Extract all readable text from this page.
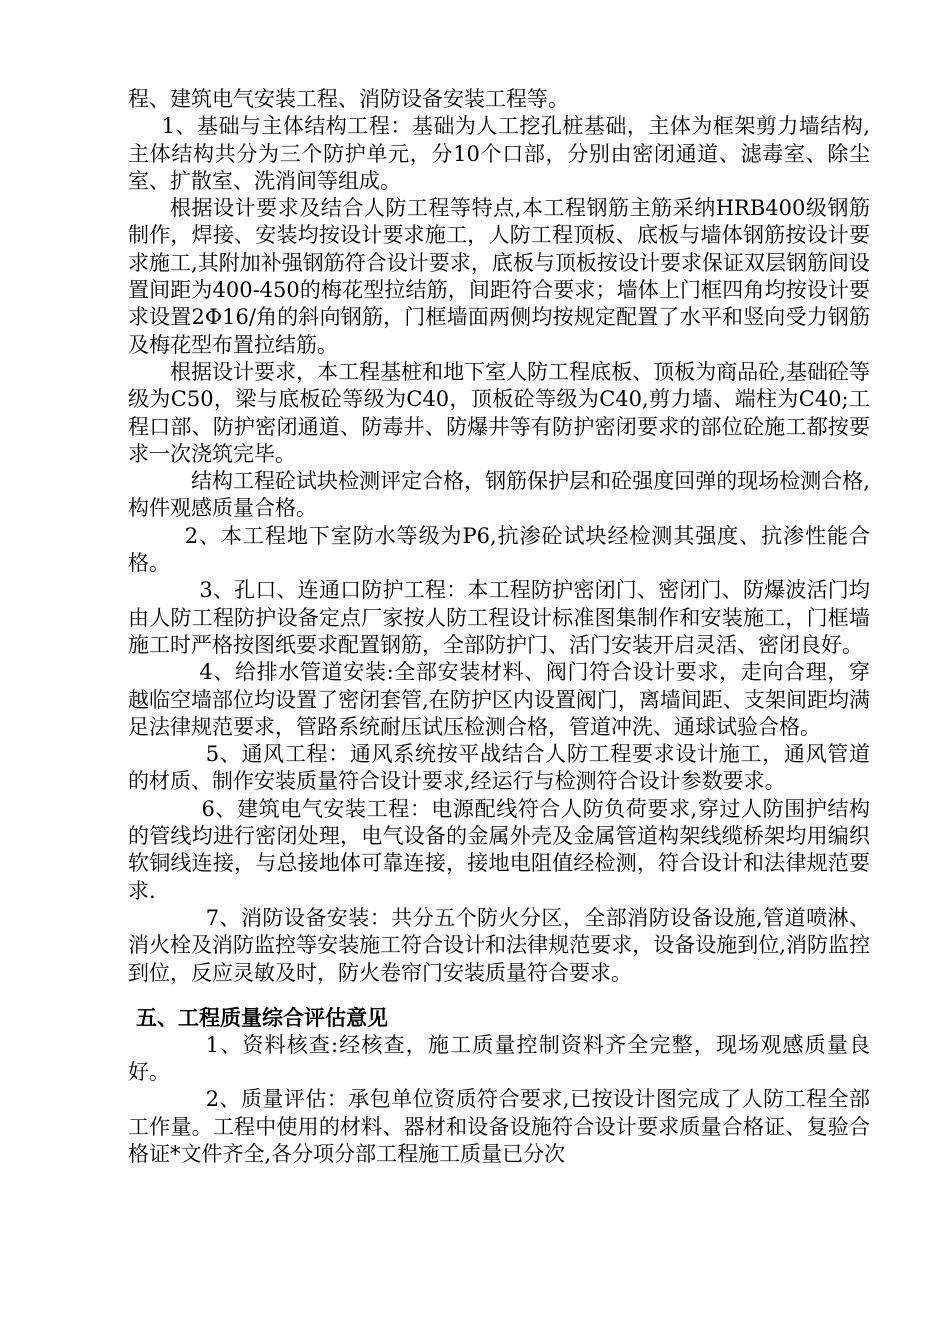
程、建筑电气安装工程、消防设备安装工程等。

1、基础与主体结构工程：基础为人工挖孔桩基础，主体为框架剪力墙结构,主体结构共分为三个防护单元，分10个口部，分别由密闭通道、滤毒室、除尘室、扩散室、洗消间等组成。

根据设计要求及结合人防工程等特点,本工程钢筋主筋采纳HRB400级钢筋制作，焊接、安装均按设计要求施工，人防工程顶板、底板与墙体钢筋按设计要求施工,其附加补强钢筋符合设计要求，底板与顶板按设计要求保证双层钢筋间设置间距为400-450的梅花型拉结筋，间距符合要求；墙体上门框四角均按设计要求设置2Φ16/角的斜向钢筋，门框墙面两侧均按规定配置了水平和竖向受力钢筋及梅花型布置拉结筋。

根据设计要求，本工程基桩和地下室人防工程底板、顶板为商品砼,基础砼等级为C50，梁与底板砼等级为C40，顶板砼等级为C40,剪力墙、端柱为C40;工程口部、防护密闭通道、防毒井、防爆井等有防护密闭要求的部位砼施工都按要求一次浇筑完毕。

结构工程砼试块检测评定合格，钢筋保护层和砼强度回弹的现场检测合格,构件观感质量合格。

2、本工程地下室防水等级为P6,抗渗砼试块经检测其强度、抗渗性能合格。

3、孔口、连通口防护工程：本工程防护密闭门、密闭门、防爆波活门均由人防工程防护设备定点厂家按人防工程设计标准图集制作和安装施工，门框墙施工时严格按图纸要求配置钢筋，全部防护门、活门安装开启灵活、密闭良好。

4、给排水管道安装:全部安装材料、阀门符合设计要求，走向合理，穿越临空墙部位均设置了密闭套管,在防护区内设置阀门，离墙间距、支架间距均满足法律规范要求，管路系统耐压试压检测合格，管道冲洗、通球试验合格。

5、通风工程：通风系统按平战结合人防工程要求设计施工，通风管道的材质、制作安装质量符合设计要求,经运行与检测符合设计参数要求。

6、建筑电气安装工程：电源配线符合人防负荷要求,穿过人防围护结构的管线均进行密闭处理，电气设备的金属外壳及金属管道构架线缆桥架均用编织软铜线连接，与总接地体可靠连接，接地电阻值经检测，符合设计和法律规范要求.

7、消防设备安装：共分五个防火分区，全部消防设备设施,管道喷淋、消火栓及消防监控等安装施工符合设计和法律规范要求，设备设施到位,消防监控到位，反应灵敏及时，防火卷帘门安装质量符合要求。

五、工程质量综合评估意见

1、资料核查:经核查，施工质量控制资料齐全完整，现场观感质量良好。

2、质量评估：承包单位资质符合要求,已按设计图完成了人防工程全部工作量。工程中使用的材料、器材和设备设施符合设计要求质量合格证、复验合格证*文件齐全,各分项分部工程施工质量已分次
